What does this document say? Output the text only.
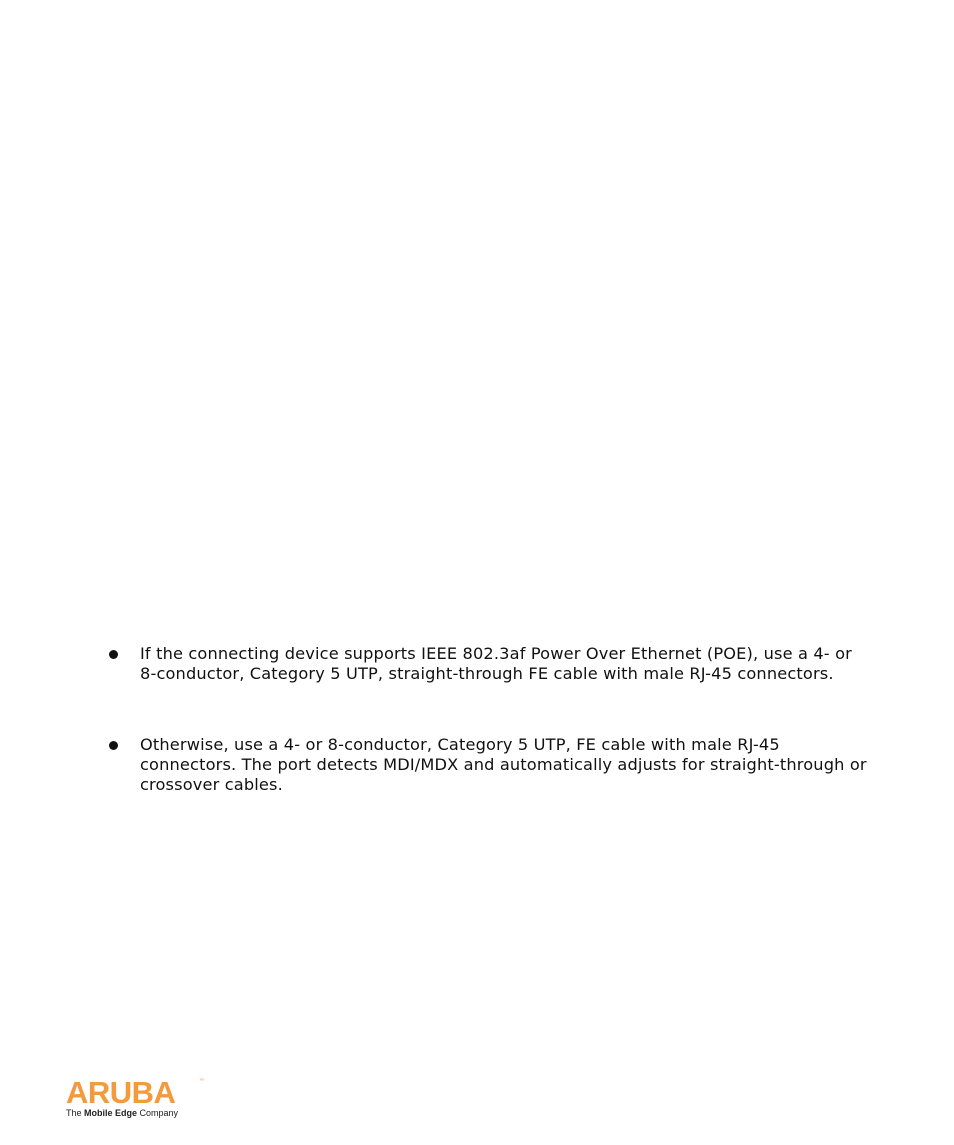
If the connecting device supports IEEE 802.3af Power Over Ethernet (POE), use a 4- or 8-conductor, Category 5 UTP, straight-through FE cable with male RJ-45 connectors.
Otherwise, use a 4- or 8-conductor, Category 5 UTP, FE cable with male RJ-45 connectors. The port detects MDI/MDX and automatically adjusts for straight-through or crossover cables.
ARUBA	™
The Mobile Edge Company
